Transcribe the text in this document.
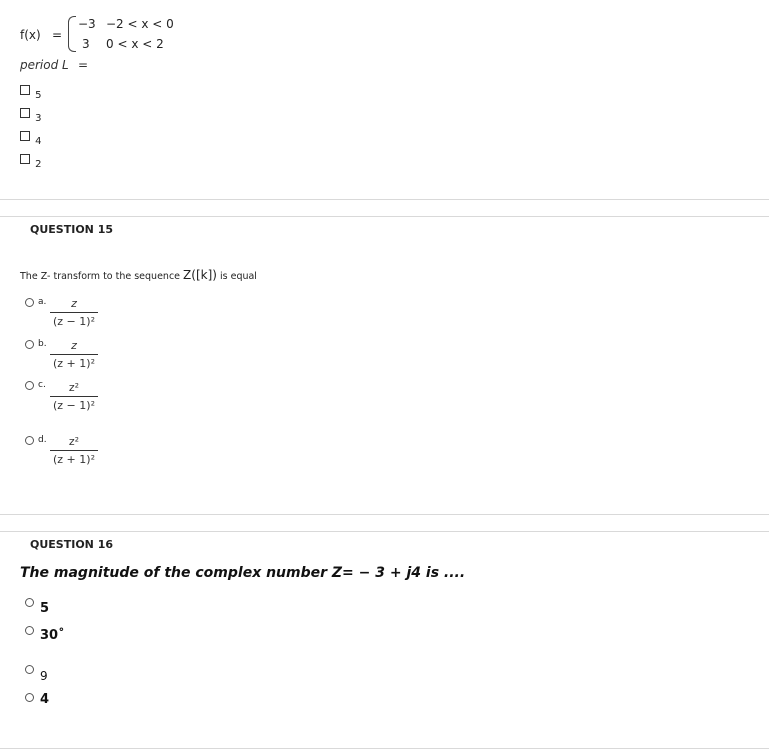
f(x) =
−3 −2 < x < 0
3 0 < x < 2
period L =
5
3
4
2
QUESTION 15
The Z- transform to the sequence Z([k]) is equal
a.	z
(z − 1)²
b.	z
(z + 1)²
c.	z²
(z − 1)²
d.	z²
(z + 1)²
QUESTION 16
The magnitude of the complex number Z= − 3 + j4 is ....
5
30˚
9
4
